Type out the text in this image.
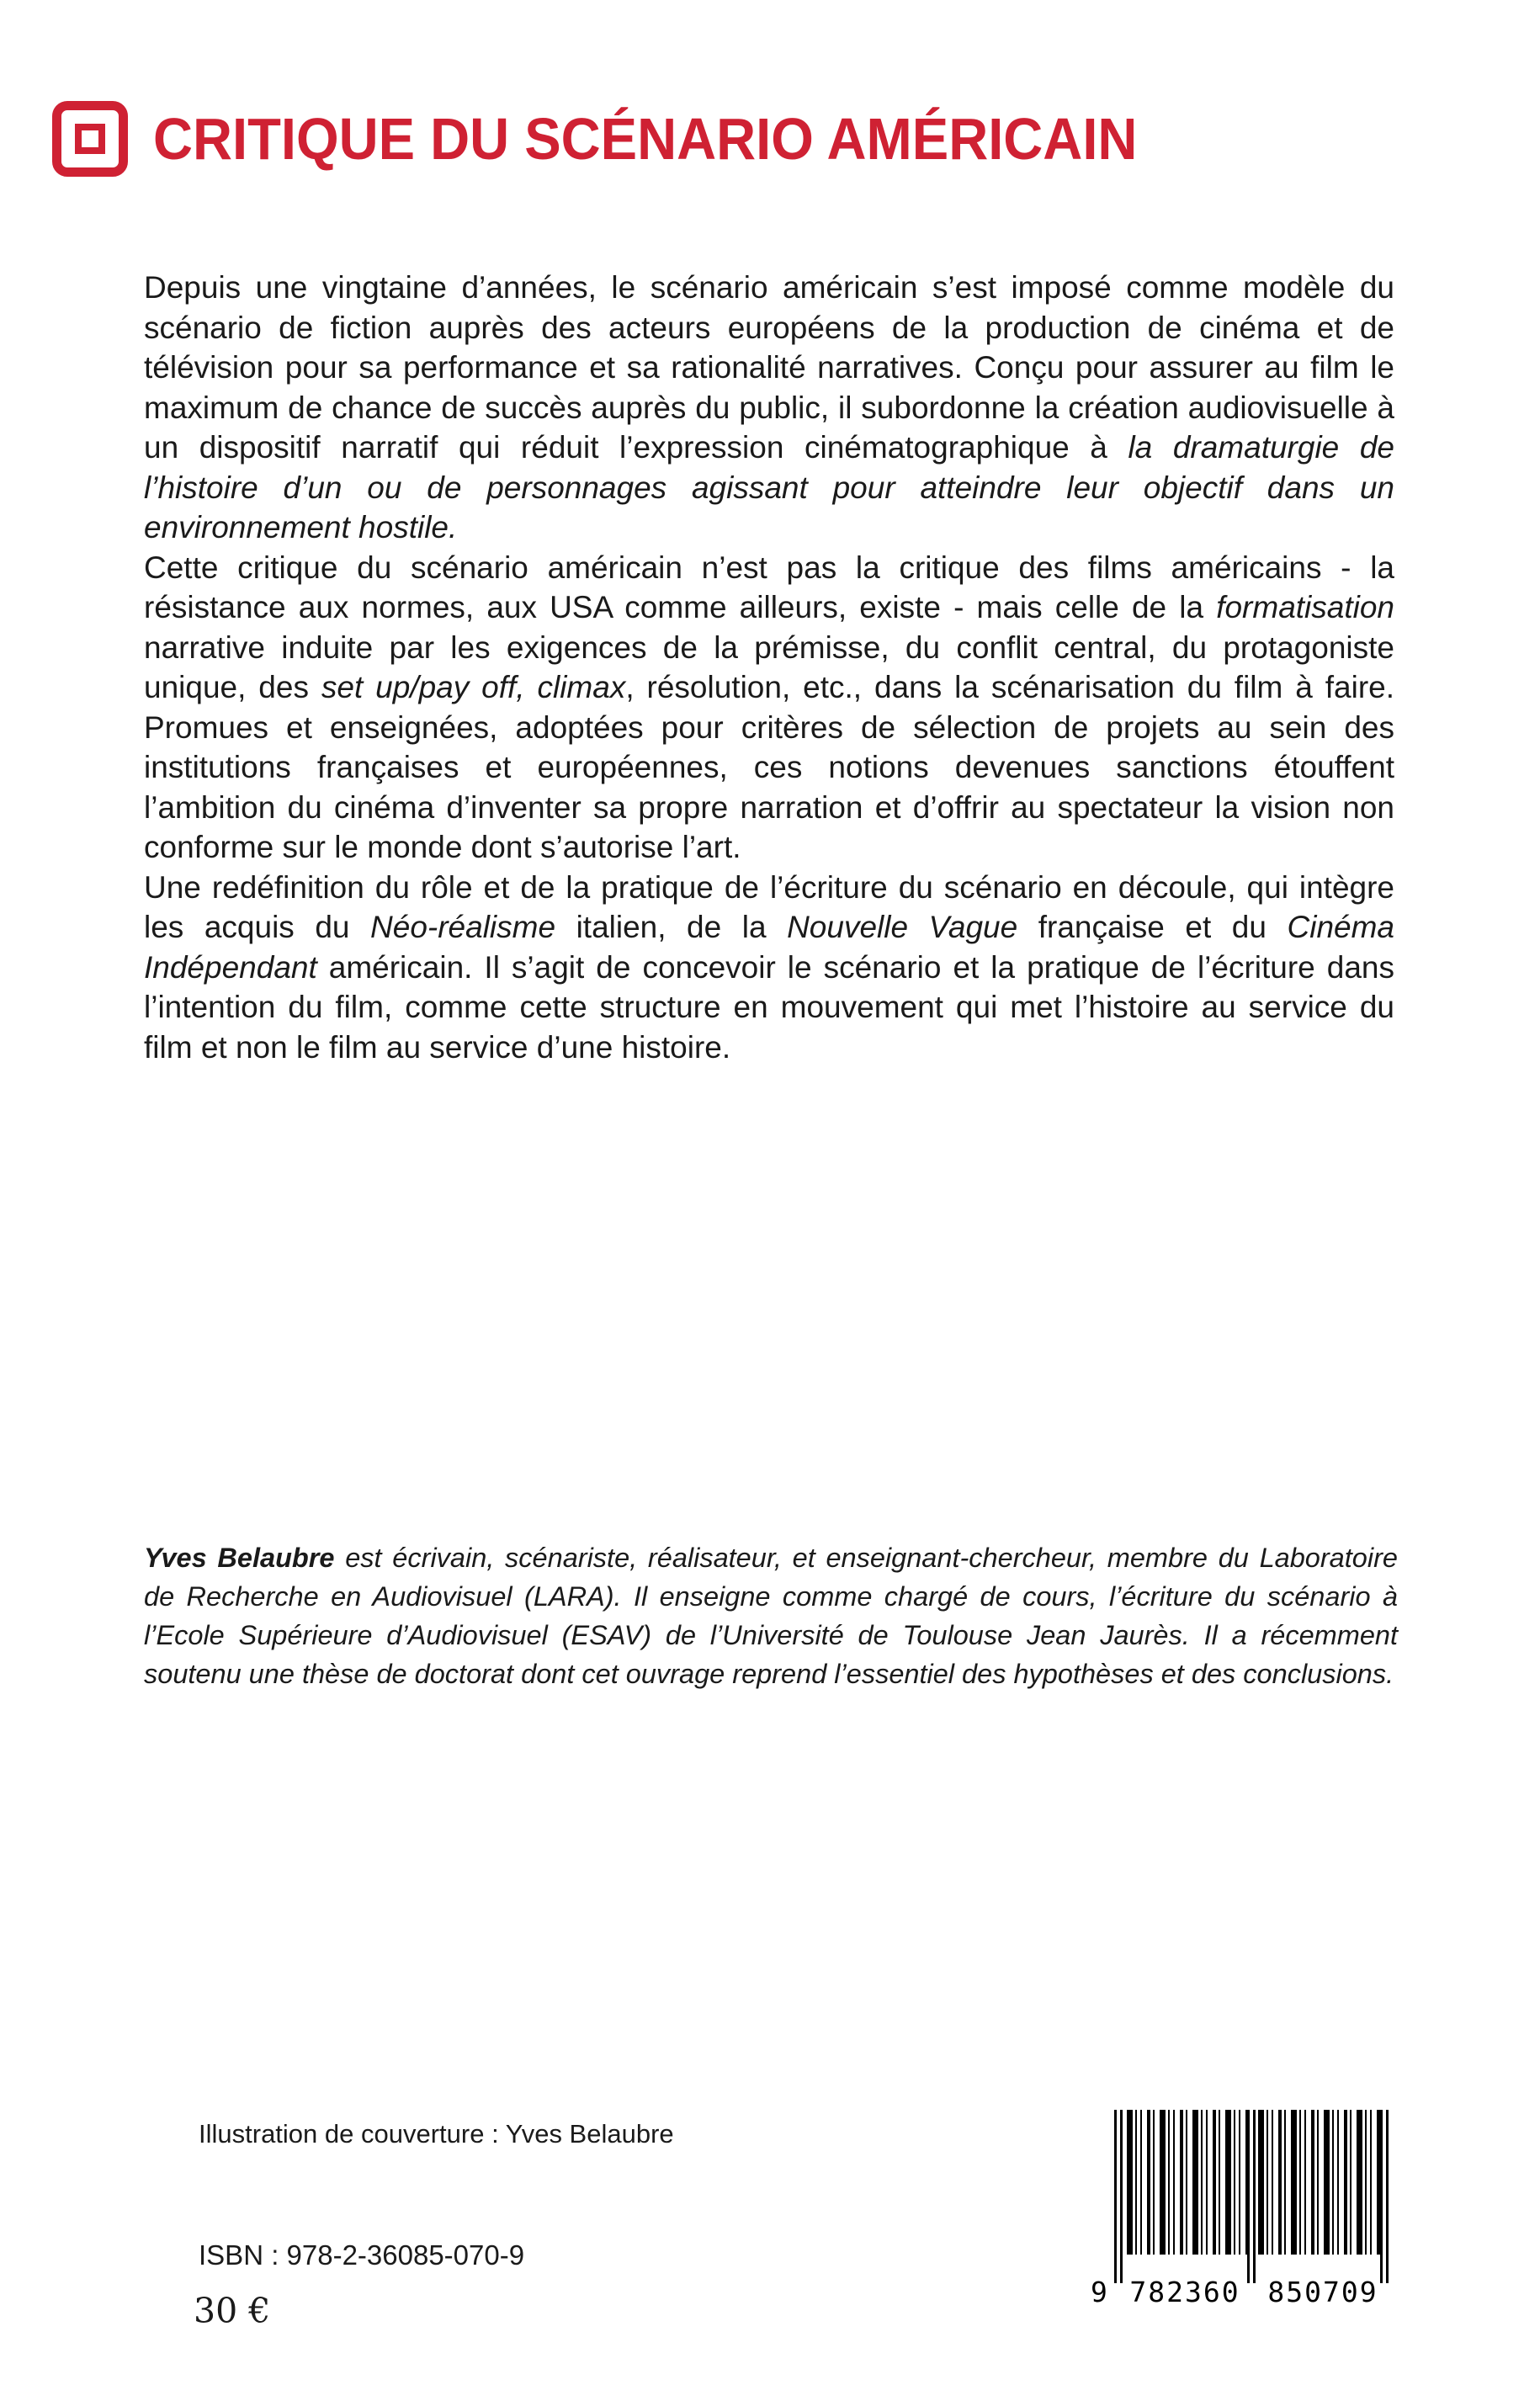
CRITIQUE DU SCÉNARIO AMÉRICAIN

Depuis une vingtaine d’années, le scénario américain s’est imposé comme modèle du scénario de fiction auprès des acteurs européens de la production de cinéma et de télévision pour sa performance et sa rationalité narratives. Conçu pour assurer au film le maximum de chance de succès auprès du public, il subordonne la création audiovisuelle à un dispositif narratif qui réduit l’expression cinématographique à la dramaturgie de l’histoire d’un ou de personnages agissant pour atteindre leur objectif dans un environnement hostile.

Cette critique du scénario américain n’est pas la critique des films américains - la résistance aux normes, aux USA comme ailleurs, existe - mais celle de la formatisation narrative induite par les exigences de la prémisse, du conflit central, du protagoniste unique, des set up/pay off, climax, résolution, etc., dans la scénarisation du film à faire. Promues et enseignées, adoptées pour critères de sélection de projets au sein des institutions françaises et européennes, ces notions devenues sanctions étouffent l’ambition du cinéma d’inventer sa propre narration et d’offrir au spectateur la vision non conforme sur le monde dont s’autorise l’art.

Une redéfinition du rôle et de la pratique de l’écriture du scénario en découle, qui intègre les acquis du Néo-réalisme italien, de la Nouvelle Vague française et du Cinéma Indépendant américain. Il s’agit de concevoir le scénario et la pratique de l’écriture dans l’intention du film, comme cette structure en mouvement qui met l’histoire au service du film et non le film au service d’une histoire.

Yves Belaubre est écrivain, scénariste, réalisateur, et enseignant-chercheur, membre du Laboratoire de Recherche en Audiovisuel (LARA). Il enseigne comme chargé de cours, l’écriture du scénario à l’Ecole Supérieure d’Audiovisuel (ESAV) de l’Université de Toulouse Jean Jaurès. Il a récemment soutenu une thèse de doctorat dont cet ouvrage reprend l’essentiel des hypothèses et des conclusions.

Illustration de couverture : Yves Belaubre
ISBN : 978-2-36085-070-9
30 €	9 782360 850709
